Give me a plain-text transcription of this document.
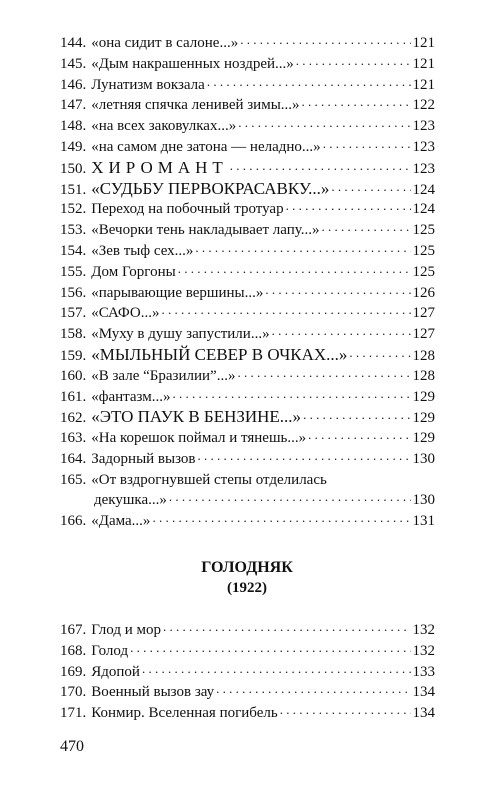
144. «она сидит в салоне...» . . .	121
145. «Дым накрашенных ноздрей...» . . .	121
146. Лунатизм вокзала . . .	121
147. «летняя спячка ленивей зимы...» . . .	122
148. «на всех заковулках...» . . .	123
149. «на самом дне затона — неладно...» . . .	123
150. ХИРОМАНТ . . .	123
151. «СУДЬБУ ПЕРВОКРАСАВКУ...» . . .	124
152. Переход на побочный тротуар . . .	124
153. «Вечорки тень накладывает лапу...» . . .	125
154. «Зев тыф сех...» . . .	125
155. Дом Горгоны . . .	125
156. «парывающие вершины...» . . .	126
157. «САФО...» . . .	127
158. «Муху в душу запустили...» . . .	127
159. «МЫЛЬНЫЙ СЕВЕР В ОЧКАХ...» . . .	128
160. «В зале “Бразилии”...» . . .	128
161. «фантазм...» . . .	129
162. «ЭТО ПАУК В БЕНЗИНЕ...» . . .	129
163. «На корешок поймал и тянешь...» . . .	129
164. Задорный вызов . . .	130
165. «От вздрогнувшей степы отделилась
декушка...» . . .	130
166. «Дама...» . . .	131
ГОЛОДНЯК
(1922)
167. Глод и мор . . .	132
168. Голод . . .	132
169. Ядопой . . .	133
170. Военный вызов зау . . .	134
171. Конмир. Вселенная погибель . . .	134
470
